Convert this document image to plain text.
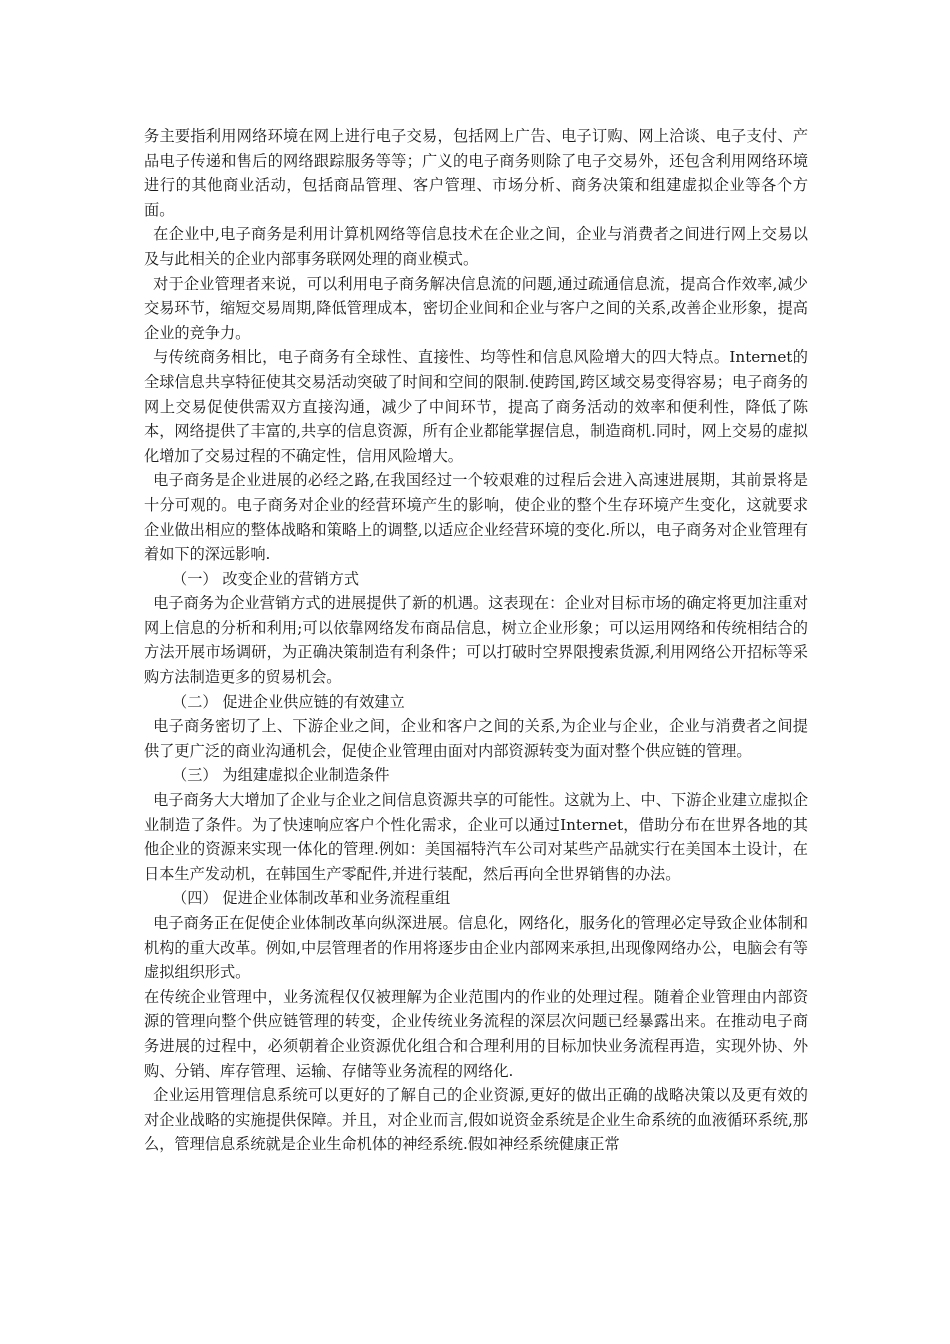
务主要指利用网络环境在网上进行电子交易，包括网上广告、电子订购、网上洽谈、电子支付、产品电子传递和售后的网络跟踪服务等等；广义的电子商务则除了电子交易外，还包含利用网络环境进行的其他商业活动，包括商品管理、客户管理、市场分析、商务决策和组建虚拟企业等各个方面。

在企业中,电子商务是利用计算机网络等信息技术在企业之间，企业与消费者之间进行网上交易以及与此相关的企业内部事务联网处理的商业模式。

对于企业管理者来说，可以利用电子商务解决信息流的问题,通过疏通信息流，提高合作效率,减少交易环节，缩短交易周期,降低管理成本，密切企业间和企业与客户之间的关系,改善企业形象，提高企业的竞争力。

与传统商务相比，电子商务有全球性、直接性、均等性和信息风险增大的四大特点。Internet的全球信息共享特征使其交易活动突破了时间和空间的限制.使跨国,跨区域交易变得容易；电子商务的网上交易促使供需双方直接沟通，减少了中间环节，提高了商务活动的效率和便利性，降低了陈本，网络提供了丰富的,共享的信息资源，所有企业都能掌握信息，制造商机.同时，网上交易的虚拟化增加了交易过程的不确定性，信用风险增大。

电子商务是企业进展的必经之路,在我国经过一个较艰难的过程后会进入高速进展期，其前景将是十分可观的。电子商务对企业的经营环境产生的影响，使企业的整个生存环境产生变化，这就要求企业做出相应的整体战略和策略上的调整,以适应企业经营环境的变化.所以，电子商务对企业管理有着如下的深远影响.

（一） 改变企业的营销方式

电子商务为企业营销方式的进展提供了新的机遇。这表现在：企业对目标市场的确定将更加注重对网上信息的分析和利用;可以依靠网络发布商品信息，树立企业形象；可以运用网络和传统相结合的方法开展市场调研，为正确决策制造有利条件；可以打破时空界限搜索货源,利用网络公开招标等采购方法制造更多的贸易机会。

（二） 促进企业供应链的有效建立

电子商务密切了上、下游企业之间，企业和客户之间的关系,为企业与企业，企业与消费者之间提供了更广泛的商业沟通机会，促使企业管理由面对内部资源转变为面对整个供应链的管理。

（三） 为组建虚拟企业制造条件

电子商务大大增加了企业与企业之间信息资源共享的可能性。这就为上、中、下游企业建立虚拟企业制造了条件。为了快速响应客户个性化需求，企业可以通过Internet，借助分布在世界各地的其他企业的资源来实现一体化的管理.例如：美国福特汽车公司对某些产品就实行在美国本土设计，在日本生产发动机，在韩国生产零配件,并进行装配，然后再向全世界销售的办法。

（四） 促进企业体制改革和业务流程重组

电子商务正在促使企业体制改革向纵深进展。信息化，网络化，服务化的管理必定导致企业体制和机构的重大改革。例如,中层管理者的作用将逐步由企业内部网来承担,出现像网络办公，电脑会有等虚拟组织形式。

在传统企业管理中，业务流程仅仅被理解为企业范围内的作业的处理过程。随着企业管理由内部资源的管理向整个供应链管理的转变，企业传统业务流程的深层次问题已经暴露出来。在推动电子商务进展的过程中，必须朝着企业资源优化组合和合理利用的目标加快业务流程再造，实现外协、外购、分销、库存管理、运输、存储等业务流程的网络化.

企业运用管理信息系统可以更好的了解自己的企业资源,更好的做出正确的战略决策以及更有效的对企业战略的实施提供保障。并且，对企业而言,假如说资金系统是企业生命系统的血液循环系统,那么，管理信息系统就是企业生命机体的神经系统.假如神经系统健康正常
